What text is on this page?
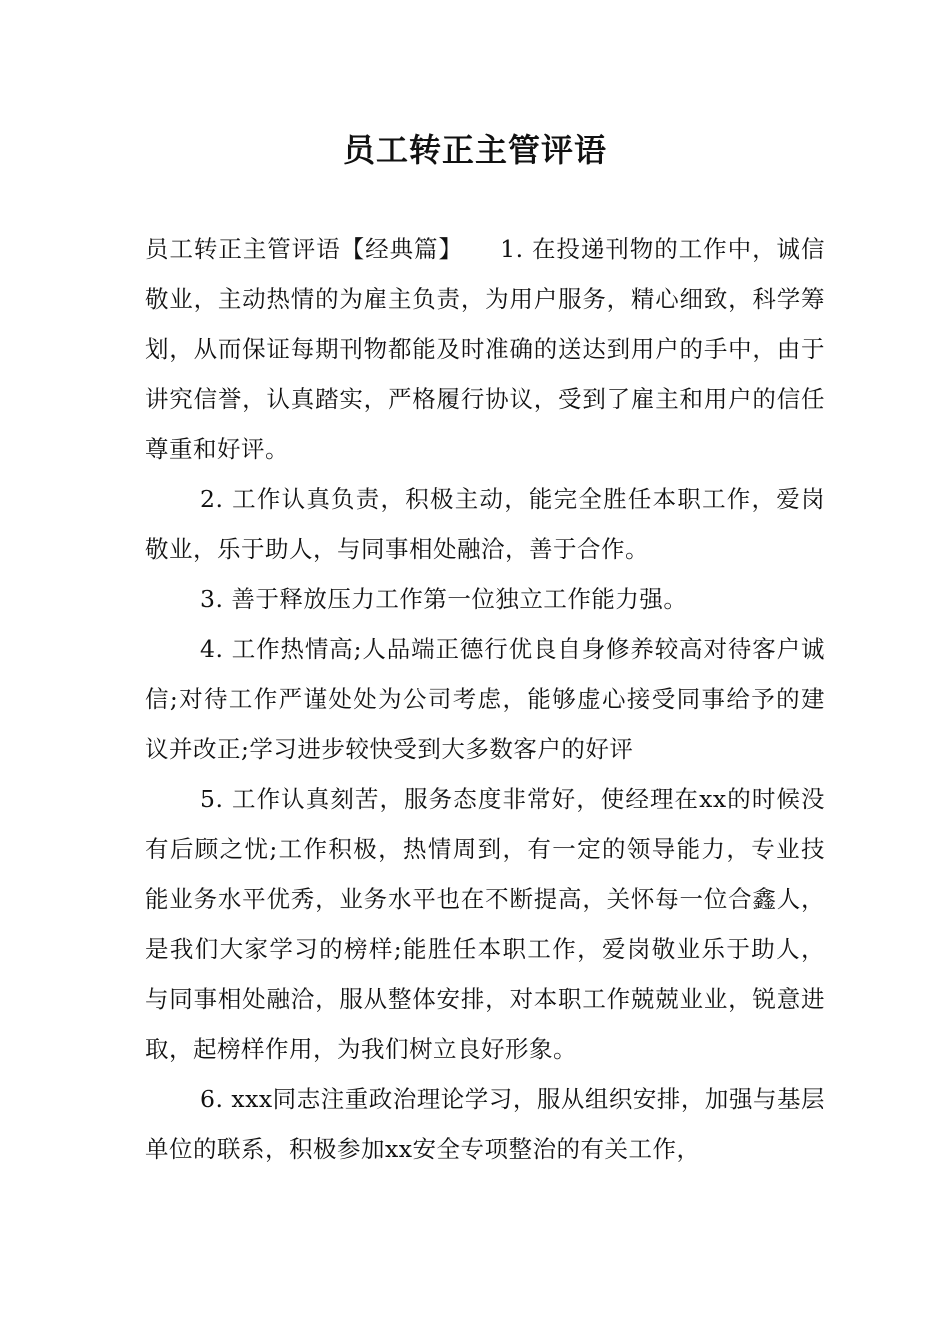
员工转正主管评语

员工转正主管评语【经典篇】　　1. 在投递刊物的工作中，诚信敬业，主动热情的为雇主负责，为用户服务，精心细致，科学筹划，从而保证每期刊物都能及时准确的送达到用户的手中，由于讲究信誉，认真踏实，严格履行协议，受到了雇主和用户的信任尊重和好评。

2. 工作认真负责，积极主动，能完全胜任本职工作，爱岗敬业，乐于助人，与同事相处融洽，善于合作。

3. 善于释放压力工作第一位独立工作能力强。

4. 工作热情高;人品端正德行优良自身修养较高对待客户诚信;对待工作严谨处处为公司考虑，能够虚心接受同事给予的建议并改正;学习进步较快受到大多数客户的好评

5. 工作认真刻苦，服务态度非常好，使经理在xx的时候没有后顾之忧;工作积极，热情周到，有一定的领导能力，专业技能业务水平优秀，业务水平也在不断提高，关怀每一位合鑫人，是我们大家学习的榜样;能胜任本职工作，爱岗敬业乐于助人，与同事相处融洽，服从整体安排，对本职工作兢兢业业，锐意进取，起榜样作用，为我们树立良好形象。

6. xxx同志注重政治理论学习，服从组织安排，加强与基层单位的联系，积极参加xx安全专项整治的有关工作，
